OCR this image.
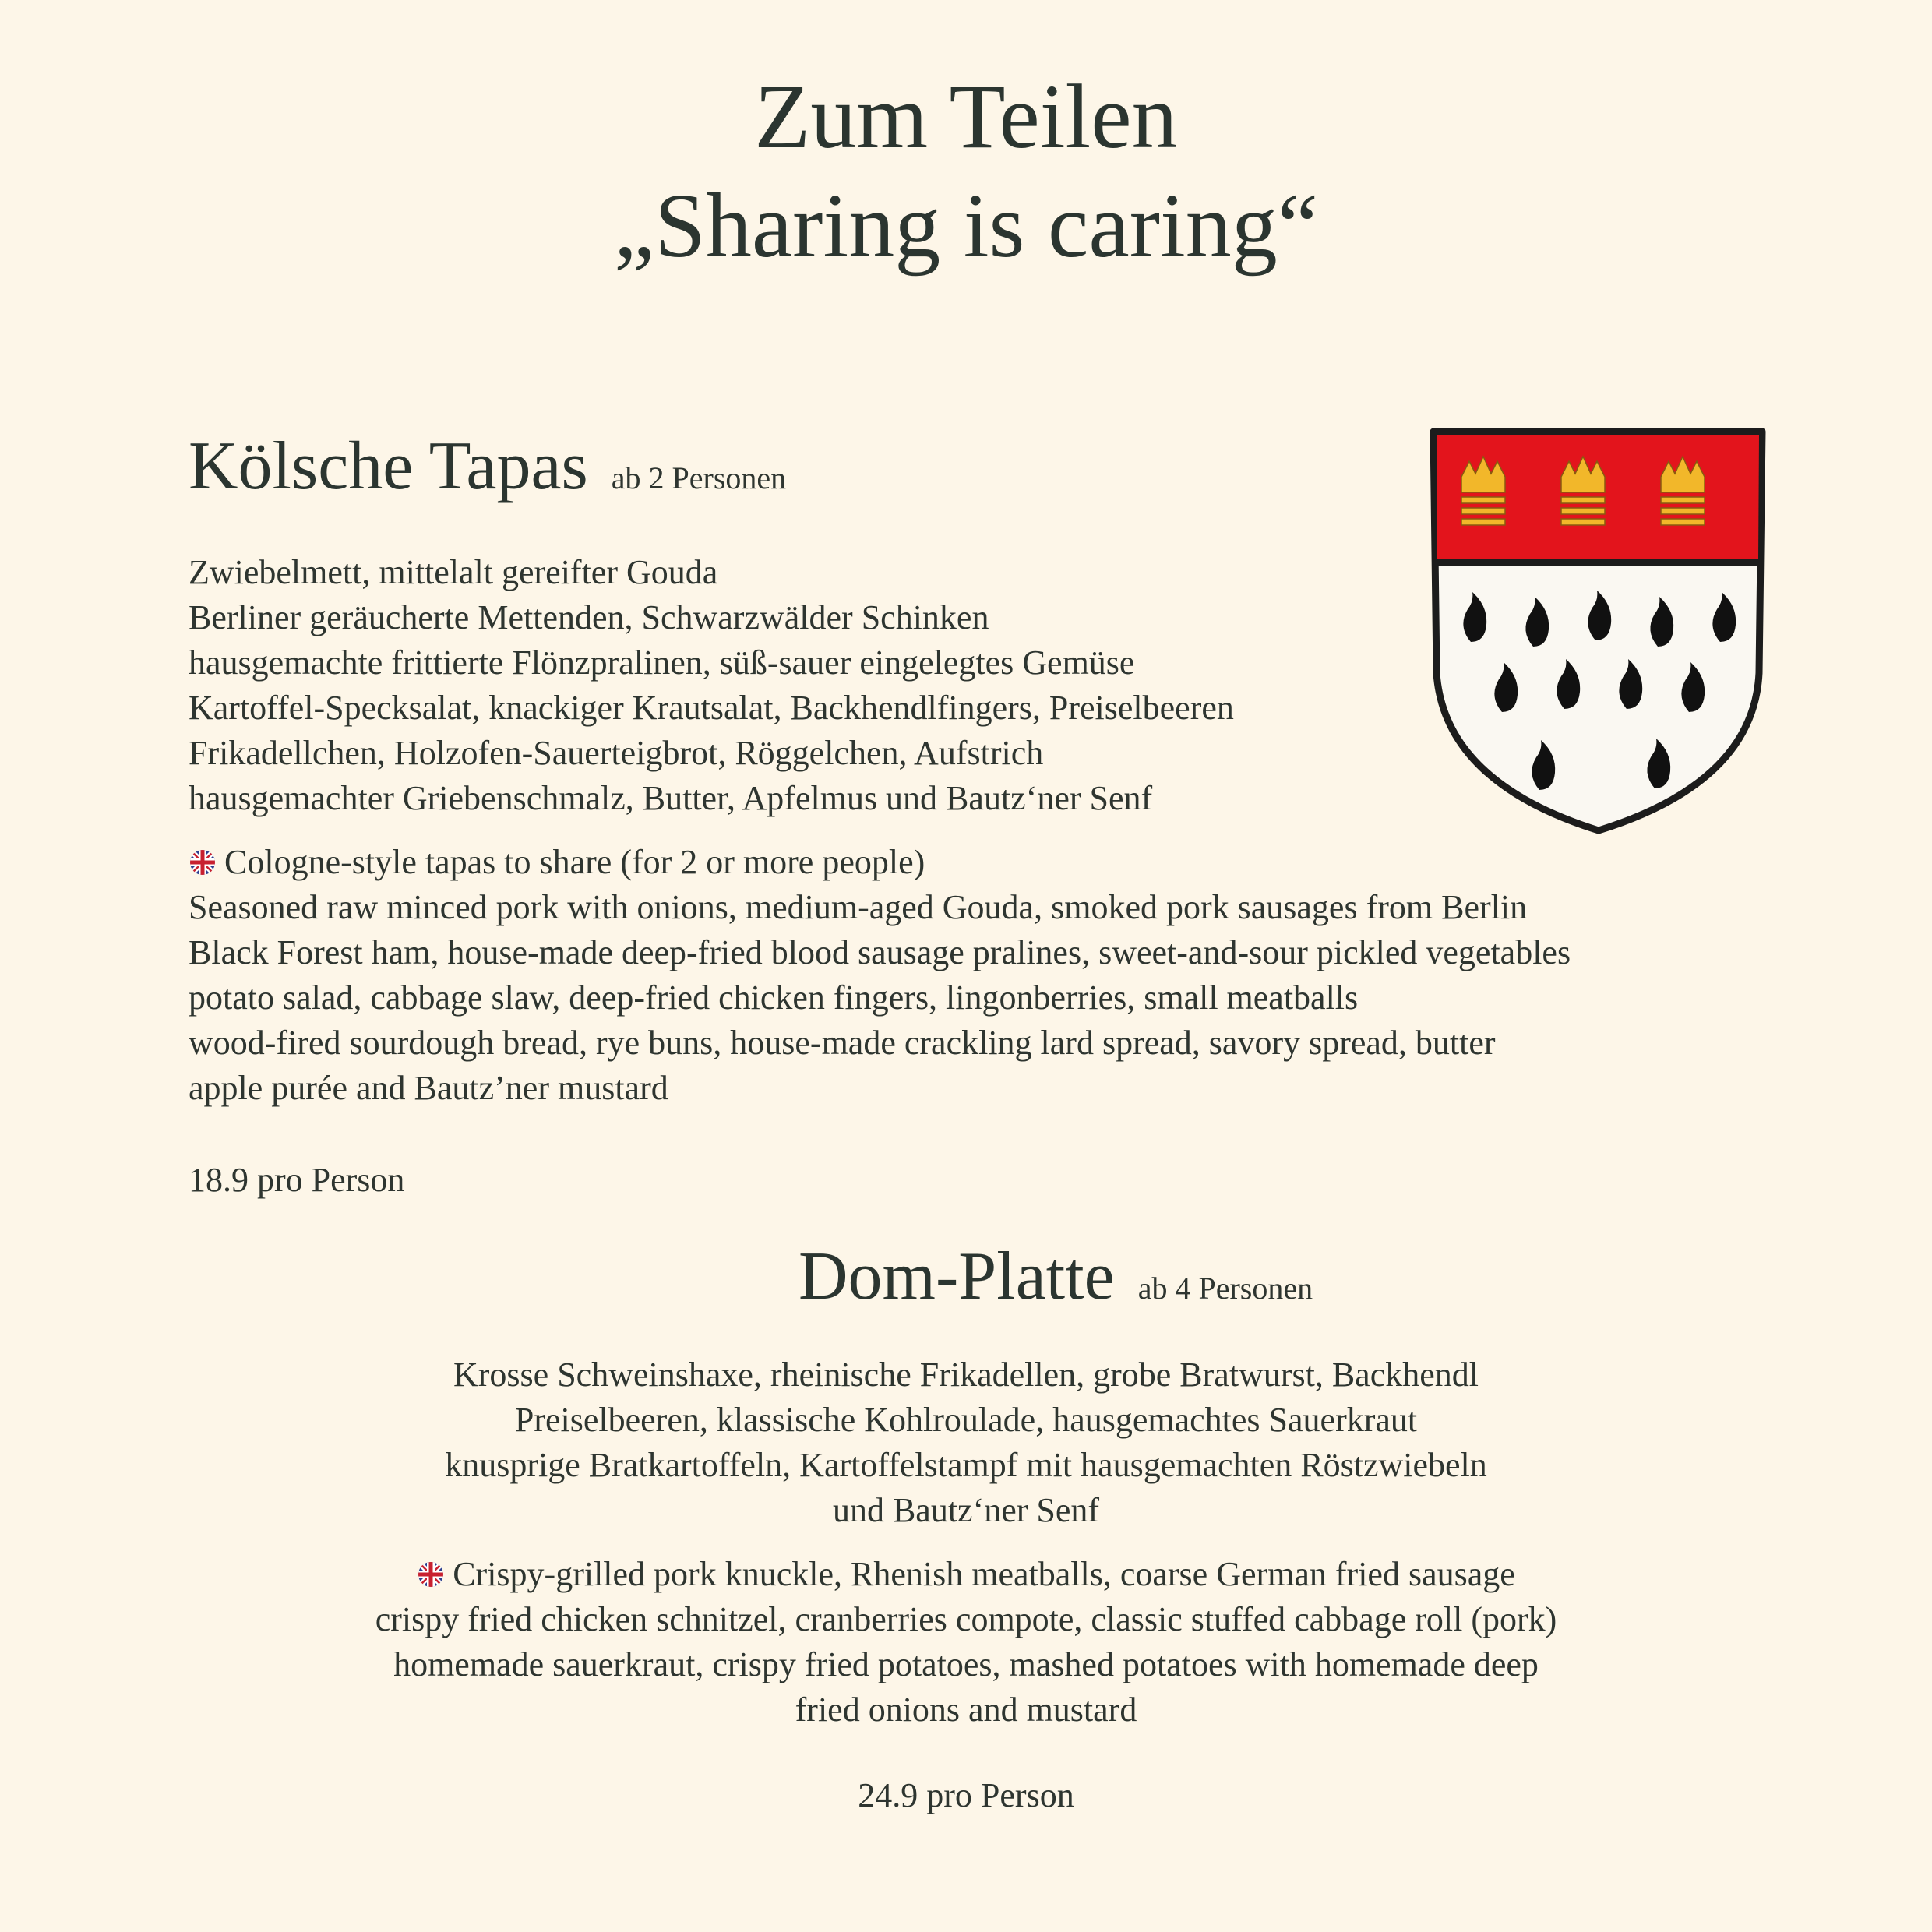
Zum Teilen
„Sharing is caring“
Kölsche Tapas ab 2 Personen
Zwiebelmett, mittelalt gereifter Gouda
Berliner geräucherte Mettenden, Schwarzwälder Schinken
hausgemachte frittierte Flönzpralinen, süß-sauer eingelegtes Gemüse
Kartoffel-Specksalat, knackiger Krautsalat, Backhendlfingers, Preiselbeeren
Frikadellchen, Holzofen-Sauerteigbrot, Röggelchen, Aufstrich
hausgemachter Griebenschmalz, Butter, Apfelmus und Bautz‘ner Senf
Cologne-style tapas to share (for 2 or more people)
Seasoned raw minced pork with onions, medium-aged Gouda, smoked pork sausages from Berlin
Black Forest ham, house-made deep-fried blood sausage pralines, sweet-and-sour pickled vegetables
potato salad, cabbage slaw, deep-fried chicken fingers, lingonberries, small meatballs
wood-fired sourdough bread, rye buns, house-made crackling lard spread, savory spread, butter
apple purée and Bautz’ner mustard
18.9 pro Person
Dom-Platte ab 4 Personen
Krosse Schweinshaxe, rheinische Frikadellen, grobe Bratwurst, Backhendl
Preiselbeeren, klassische Kohlroulade, hausgemachtes Sauerkraut
knusprige Bratkartoffeln, Kartoffelstampf mit hausgemachten Röstzwiebeln
und Bautz‘ner Senf
Crispy-grilled pork knuckle, Rhenish meatballs, coarse German fried sausage
crispy fried chicken schnitzel, cranberries compote, classic stuffed cabbage roll (pork)
homemade sauerkraut, crispy fried potatoes, mashed potatoes with homemade deep
fried onions and mustard
24.9 pro Person
